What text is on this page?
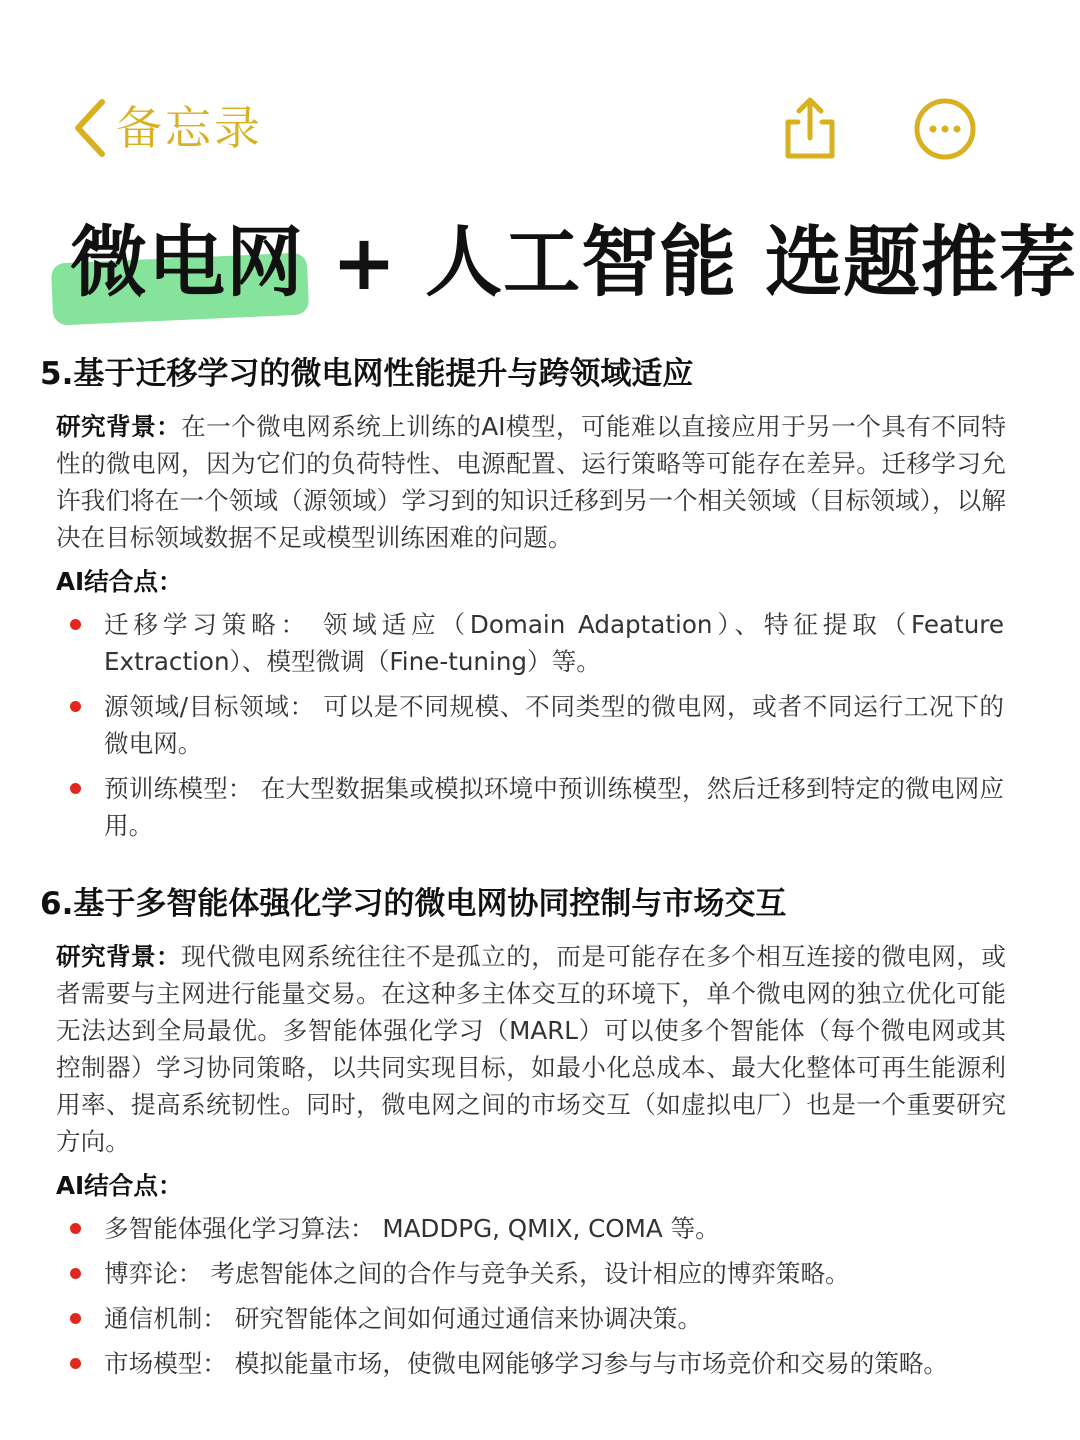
备忘录
微电网 + 人工智能 选题推荐
5.基于迁移学习的微电网性能提升与跨领域适应
研究背景：在一个微电网系统上训练的AI模型，可能难以直接应用于另一个具有不同特性的微电网，因为它们的负荷特性、电源配置、运行策略等可能存在差异。迁移学习允许我们将在一个领域（源领域）学习到的知识迁移到另一个相关领域（目标领域），以解决在目标领域数据不足或模型训练困难的问题。
AI结合点：
迁移学习策略： 领域适应（Domain Adaptation）、特征提取（Feature Extraction）、模型微调（Fine-tuning）等。
源领域/目标领域： 可以是不同规模、不同类型的微电网，或者不同运行工况下的微电网。
预训练模型： 在大型数据集或模拟环境中预训练模型，然后迁移到特定的微电网应用。
6.基于多智能体强化学习的微电网协同控制与市场交互
研究背景：现代微电网系统往往不是孤立的，而是可能存在多个相互连接的微电网，或者需要与主网进行能量交易。在这种多主体交互的环境下，单个微电网的独立优化可能无法达到全局最优。多智能体强化学习（MARL）可以使多个智能体（每个微电网或其控制器）学习协同策略，以共同实现目标，如最小化总成本、最大化整体可再生能源利用率、提高系统韧性。同时，微电网之间的市场交互（如虚拟电厂）也是一个重要研究方向。
AI结合点：
多智能体强化学习算法： MADDPG, QMIX, COMA 等。
博弈论： 考虑智能体之间的合作与竞争关系，设计相应的博弈策略。
通信机制： 研究智能体之间如何通过通信来协调决策。
市场模型： 模拟能量市场，使微电网能够学习参与与市场竞价和交易的策略。
